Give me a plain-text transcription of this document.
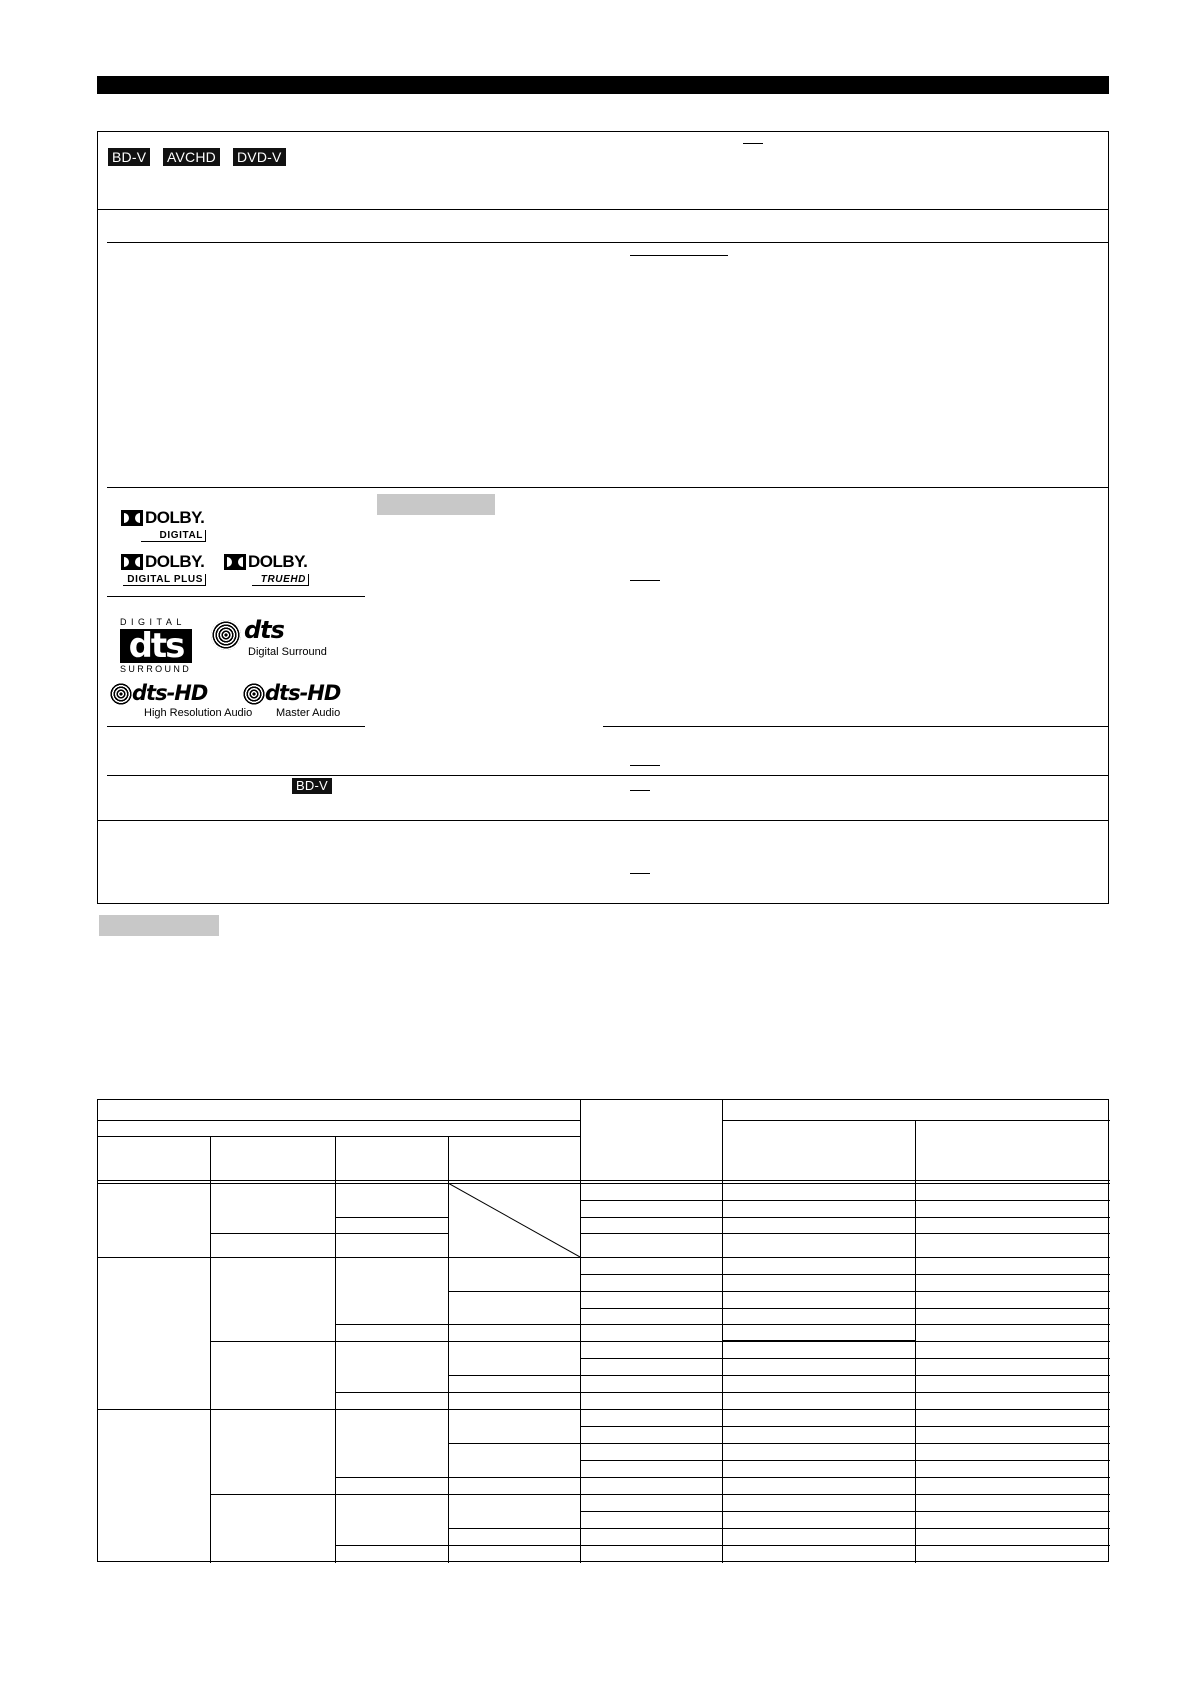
BD-V AVCHD DVD-V
DOLBY.
DIGITAL
DOLBY.
DIGITAL PLUS
DOLBY.
TRUEHD
DIGITAL
dts
SURROUND
dts
Digital Surround
dts-HD
High Resolution Audio
dts-HD
Master Audio
BD-V
